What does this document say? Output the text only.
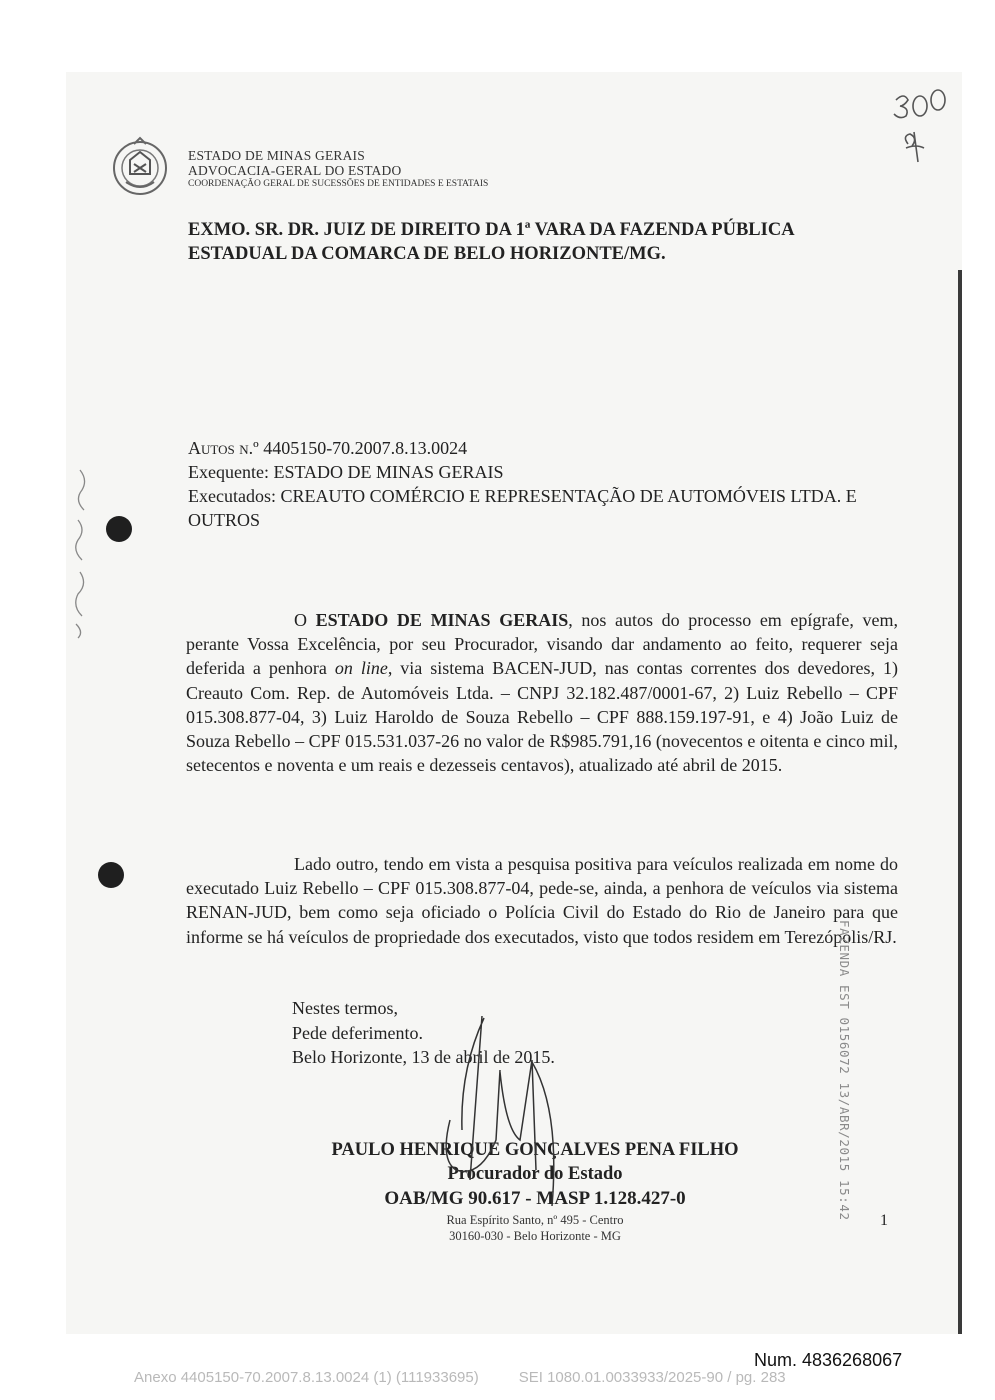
ESTADO DE MINAS GERAIS
ADVOCACIA-GERAL DO ESTADO
COORDENAÇÃO GERAL DE SUCESSÕES DE ENTIDADES E ESTATAIS
EXMO. SR. DR. JUIZ DE DIREITO DA 1ª VARA DA FAZENDA PÚBLICA
ESTADUAL DA COMARCA DE BELO HORIZONTE/MG.
Autos n.º 4405150-70.2007.8.13.0024
Exequente: ESTADO DE MINAS GERAIS
Executados: CREAUTO COMÉRCIO E REPRESENTAÇÃO DE AUTOMÓVEIS LTDA. E OUTROS
O ESTADO DE MINAS GERAIS, nos autos do processo em epígrafe, vem, perante Vossa Excelência, por seu Procurador, visando dar andamento ao feito, requerer seja deferida a penhora on line, via sistema BACEN-JUD, nas contas correntes dos devedores, 1) Creauto Com. Rep. de Automóveis Ltda. – CNPJ 32.182.487/0001-67, 2) Luiz Rebello – CPF 015.308.877-04, 3) Luiz Haroldo de Souza Rebello – CPF 888.159.197-91, e 4) João Luiz de Souza Rebello – CPF 015.531.037-26 no valor de R$985.791,16 (novecentos e oitenta e cinco mil, setecentos e noventa e um reais e dezesseis centavos), atualizado até abril de 2015.
Lado outro, tendo em vista a pesquisa positiva para veículos realizada em nome do executado Luiz Rebello – CPF 015.308.877-04, pede-se, ainda, a penhora de veículos via sistema RENAN-JUD, bem como seja oficiado o Polícia Civil do Estado do Rio de Janeiro para que informe se há veículos de propriedade dos executados, visto que todos residem em Terezópolis/RJ.
Nestes termos,
Pede deferimento.
Belo Horizonte, 13 de abril de 2015.
PAULO HENRIQUE GONÇALVES PENA FILHO
Procurador do Estado
OAB/MG 90.617 - MASP 1.128.427-0
Rua Espírito Santo, nº 495 - Centro
30160-030 - Belo Horizonte - MG
1
FAZENDA EST 0156072 13/ABR/2015 15:42
Num. 4836268067
Anexo 4405150-70.2007.8.13.0024 (1) (111933695)	SEI 1080.01.0033933/2025-90 / pg. 283
